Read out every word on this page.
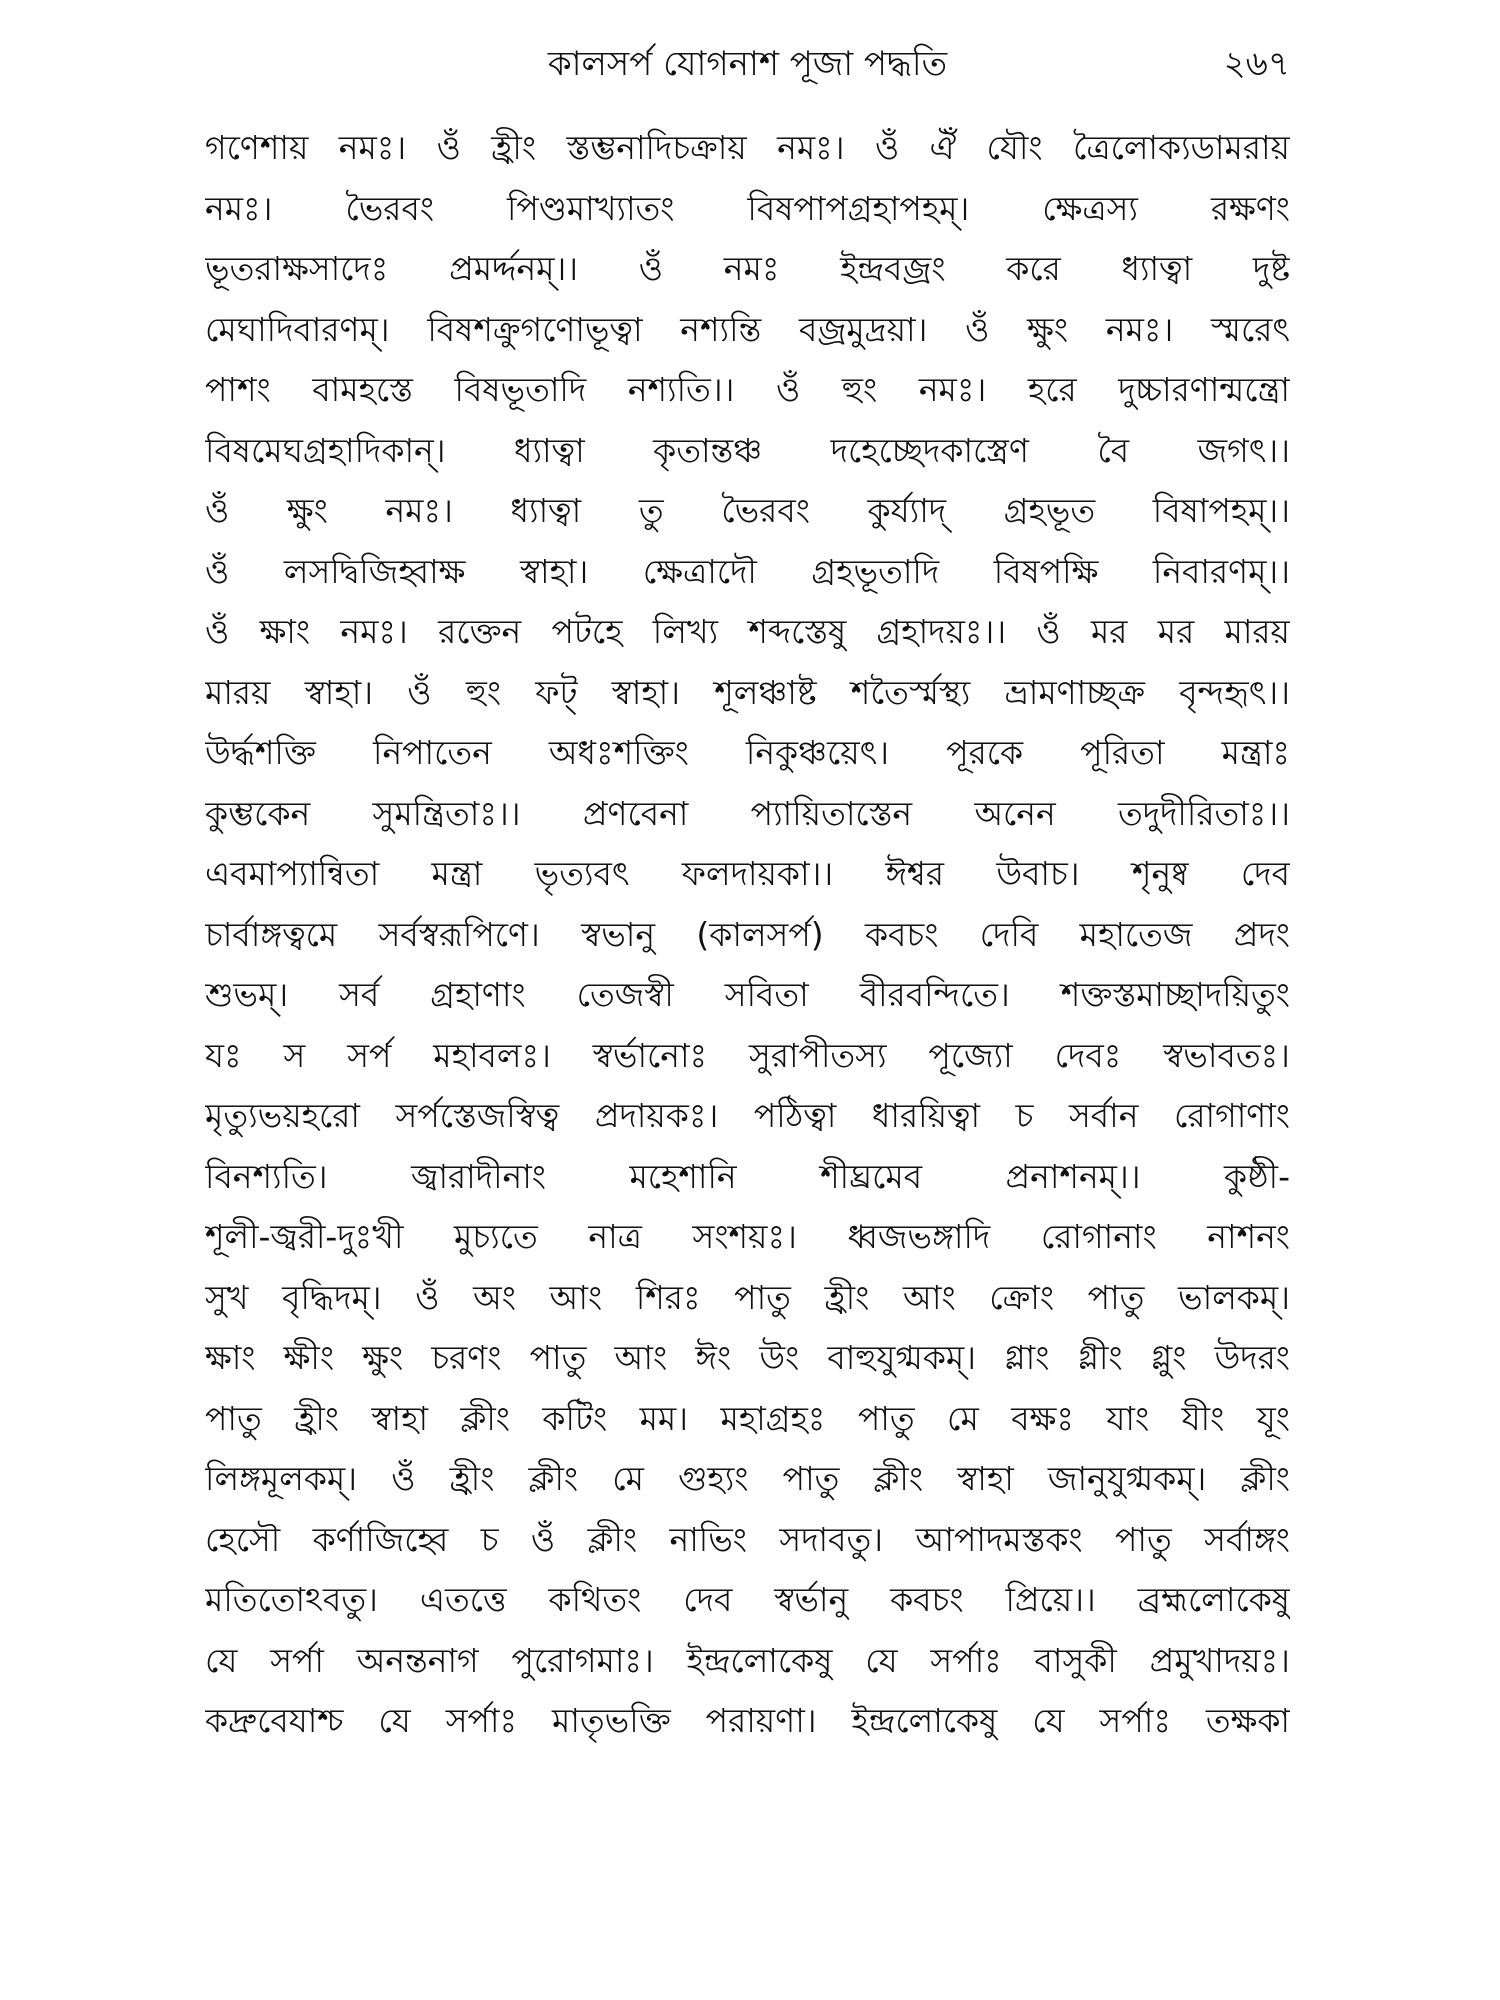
কালসর্প যোগনাশ পূজা পদ্ধতি	২৬৭
গণেশায় নমঃ। ওঁ হ্রীং স্তম্ভনাদিচক্রায় নমঃ। ওঁ ঐঁ যৌং ত্রৈলোক্যডামরায়
নমঃ। ভৈরবং পিণ্ডমাখ্যাতং বিষপাপগ্রহাপহম্। ক্ষেত্রস্য রক্ষণং
ভূতরাক্ষসাদেঃ প্রমর্দ্দনম্।। ওঁ নমঃ ইন্দ্রবজ্রং করে ধ্যাত্বা দুষ্ট
মেঘাদিবারণম্। বিষশক্রুগণোভূত্বা নশ্যন্তি বজ্রমুদ্রয়া। ওঁ ক্ষুং নমঃ। স্মরেৎ
পাশং বামহস্তে বিষভূতাদি নশ্যতি।। ওঁ হুং নমঃ। হরে দুচ্চারণান্মন্ত্রো
বিষমেঘগ্রহাদিকান্। ধ্যাত্বা কৃতান্তঞ্চ দহেচ্ছেদকাস্ত্রেণ বৈ জগৎ।।
ওঁ ক্ষুং নমঃ। ধ্যাত্বা তু ভৈরবং কুর্য্যাদ্ গ্রহভূত বিষাপহম্।।
ওঁ লসদ্বিজিহ্বাক্ষ স্বাহা। ক্ষেত্রাদৌ গ্রহভূতাদি বিষপক্ষি নিবারণম্।।
ওঁ ক্ষাং নমঃ। রক্তেন পটহে লিখ্য শব্দস্তেষু গ্রহাদয়ঃ।। ওঁ মর মর মারয়
মারয় স্বাহা। ওঁ হুং ফট্ স্বাহা। শূলঞ্চাষ্ট শতৈর্স্মস্থ্য ভ্রামণাচ্ছক্র বৃন্দহৃৎ।।
উর্দ্ধশক্তি নিপাতেন অধঃশক্তিং নিকুঞ্চয়েৎ। পূরকে পূরিতা মন্ত্রাঃ
কুম্ভকেন সুমন্ত্রিতাঃ।। প্রণবেনা প্যায়িতাস্তেন অনেন তদুদীরিতাঃ।।
এবমাপ্যান্বিতা মন্ত্রা ভৃত্যবৎ ফলদায়কা।। ঈশ্বর উবাচ। শৃনুষ্ব দেব
চার্বাঙ্গত্বমে সর্বস্বরূপিণে। স্বভানু (কালসর্প) কবচং দেবি মহাতেজ প্রদং
শুভম্। সর্ব গ্রহাণাং তেজস্বী সবিতা বীরবন্দিতে। শক্তস্তমাচ্ছাদয়িতুং
যঃ স সর্প মহাবলঃ। স্বর্ভানোঃ সুরাপীতস্য পূজ্যো দেবঃ স্বভাবতঃ।
মৃত্যুভয়হরো সর্পস্তেজস্বিত্ব প্রদায়কঃ। পঠিত্বা ধারয়িত্বা চ সর্বান রোগাণাং
বিনশ্যতি। জ্বারাদীনাং মহেশানি শীঘ্রমেব প্রনাশনম্।। কুষ্ঠী-
শূলী-জ্বরী-দুঃখী মুচ্যতে নাত্র সংশয়ঃ। ধ্বজভঙ্গাদি রোগানাং নাশনং
সুখ বৃদ্ধিদম্। ওঁ অং আং শিরঃ পাতু হ্রীং আং ক্রোং পাতু ভালকম্।
ক্ষাং ক্ষীং ক্ষুং চরণং পাতু আং ঈং উং বাহুযুগ্মকম্। গ্লাং গ্লীং গ্লুং উদরং
পাতু হ্রীং স্বাহা ক্লীং কটিং মম। মহাগ্রহঃ পাতু মে বক্ষঃ যাং যীং যূং
লিঙ্গমূলকম্। ওঁ হ্রীং ক্লীং মে গুহ্যং পাতু ক্লীং স্বাহা জানুযুগ্মকম্। ক্লীং
হেসৌ কর্ণাজিহ্বে চ ওঁ ক্লীং নাভিং সদাবতু। আপাদমস্তকং পাতু সর্বাঙ্গং
মতিতোঽবতু। এতত্তে কথিতং দেব স্বর্ভানু কবচং প্রিয়ে।। ব্রহ্মলোকেষু
যে সর্পা অনন্তনাগ পুরোগমাঃ। ইন্দ্রলোকেষু যে সর্পাঃ বাসুকী প্রমুখাদয়ঃ।
কদ্রুবেযাশ্চ যে সর্পাঃ মাতৃভক্তি পরায়ণা। ইন্দ্রলোকেষু যে সর্পাঃ তক্ষকা
